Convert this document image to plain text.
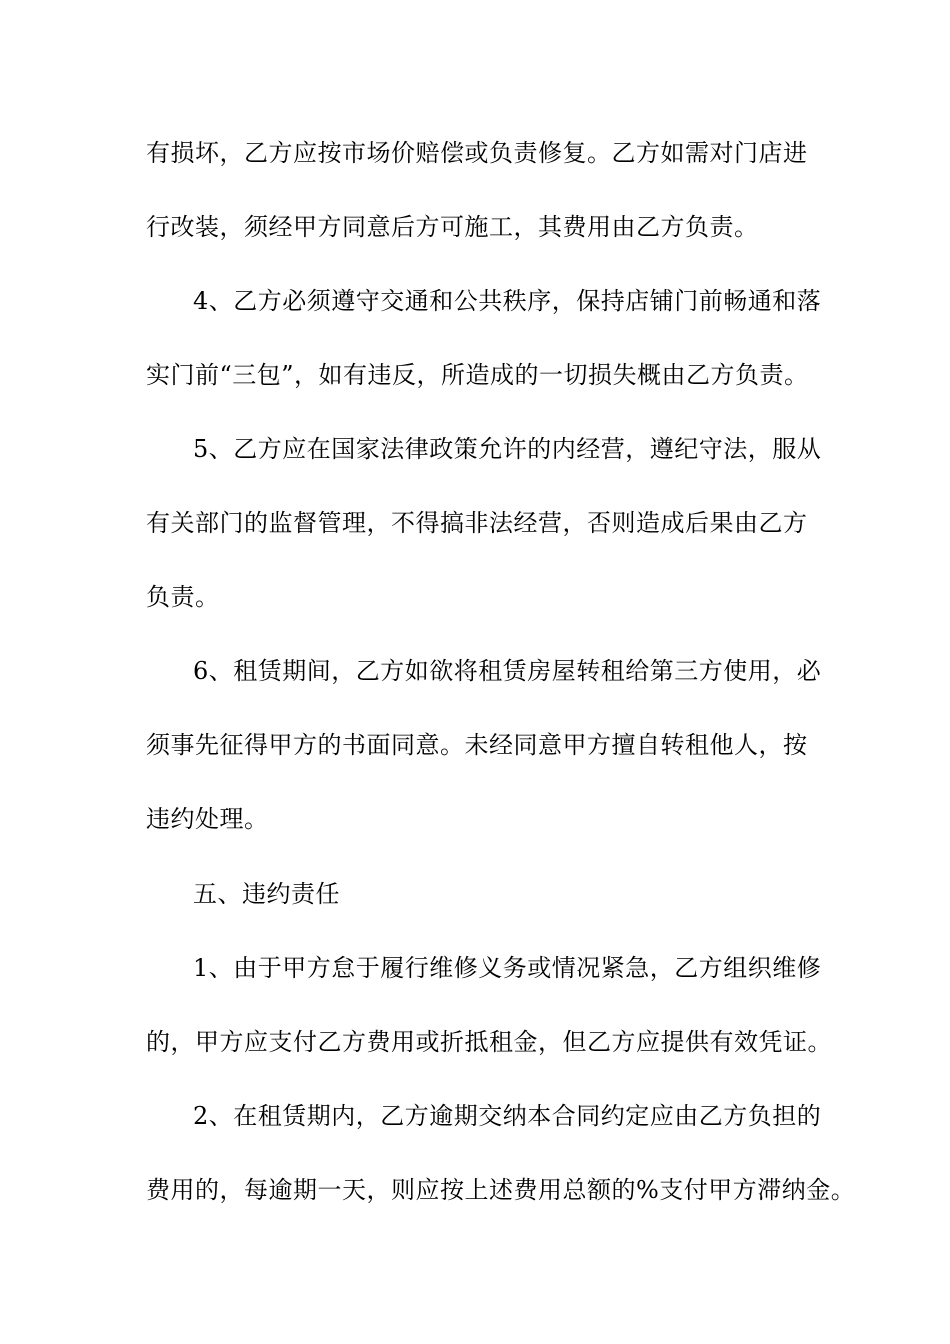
有损坏，乙方应按市场价赔偿或负责修复。乙方如需对门店进
行改装，须经甲方同意后方可施工，其费用由乙方负责。
4、乙方必须遵守交通和公共秩序，保持店铺门前畅通和落
实门前“三包”，如有违反，所造成的一切损失概由乙方负责。
5、乙方应在国家法律政策允许的内经营，遵纪守法，服从
有关部门的监督管理，不得搞非法经营，否则造成后果由乙方
负责。
6、租赁期间，乙方如欲将租赁房屋转租给第三方使用，必
须事先征得甲方的书面同意。未经同意甲方擅自转租他人，按
违约处理。
五、违约责任
1、由于甲方怠于履行维修义务或情况紧急，乙方组织维修
的，甲方应支付乙方费用或折抵租金，但乙方应提供有效凭证。
2、在租赁期内，乙方逾期交纳本合同约定应由乙方负担的
费用的，每逾期一天，则应按上述费用总额的%支付甲方滞纳金。
